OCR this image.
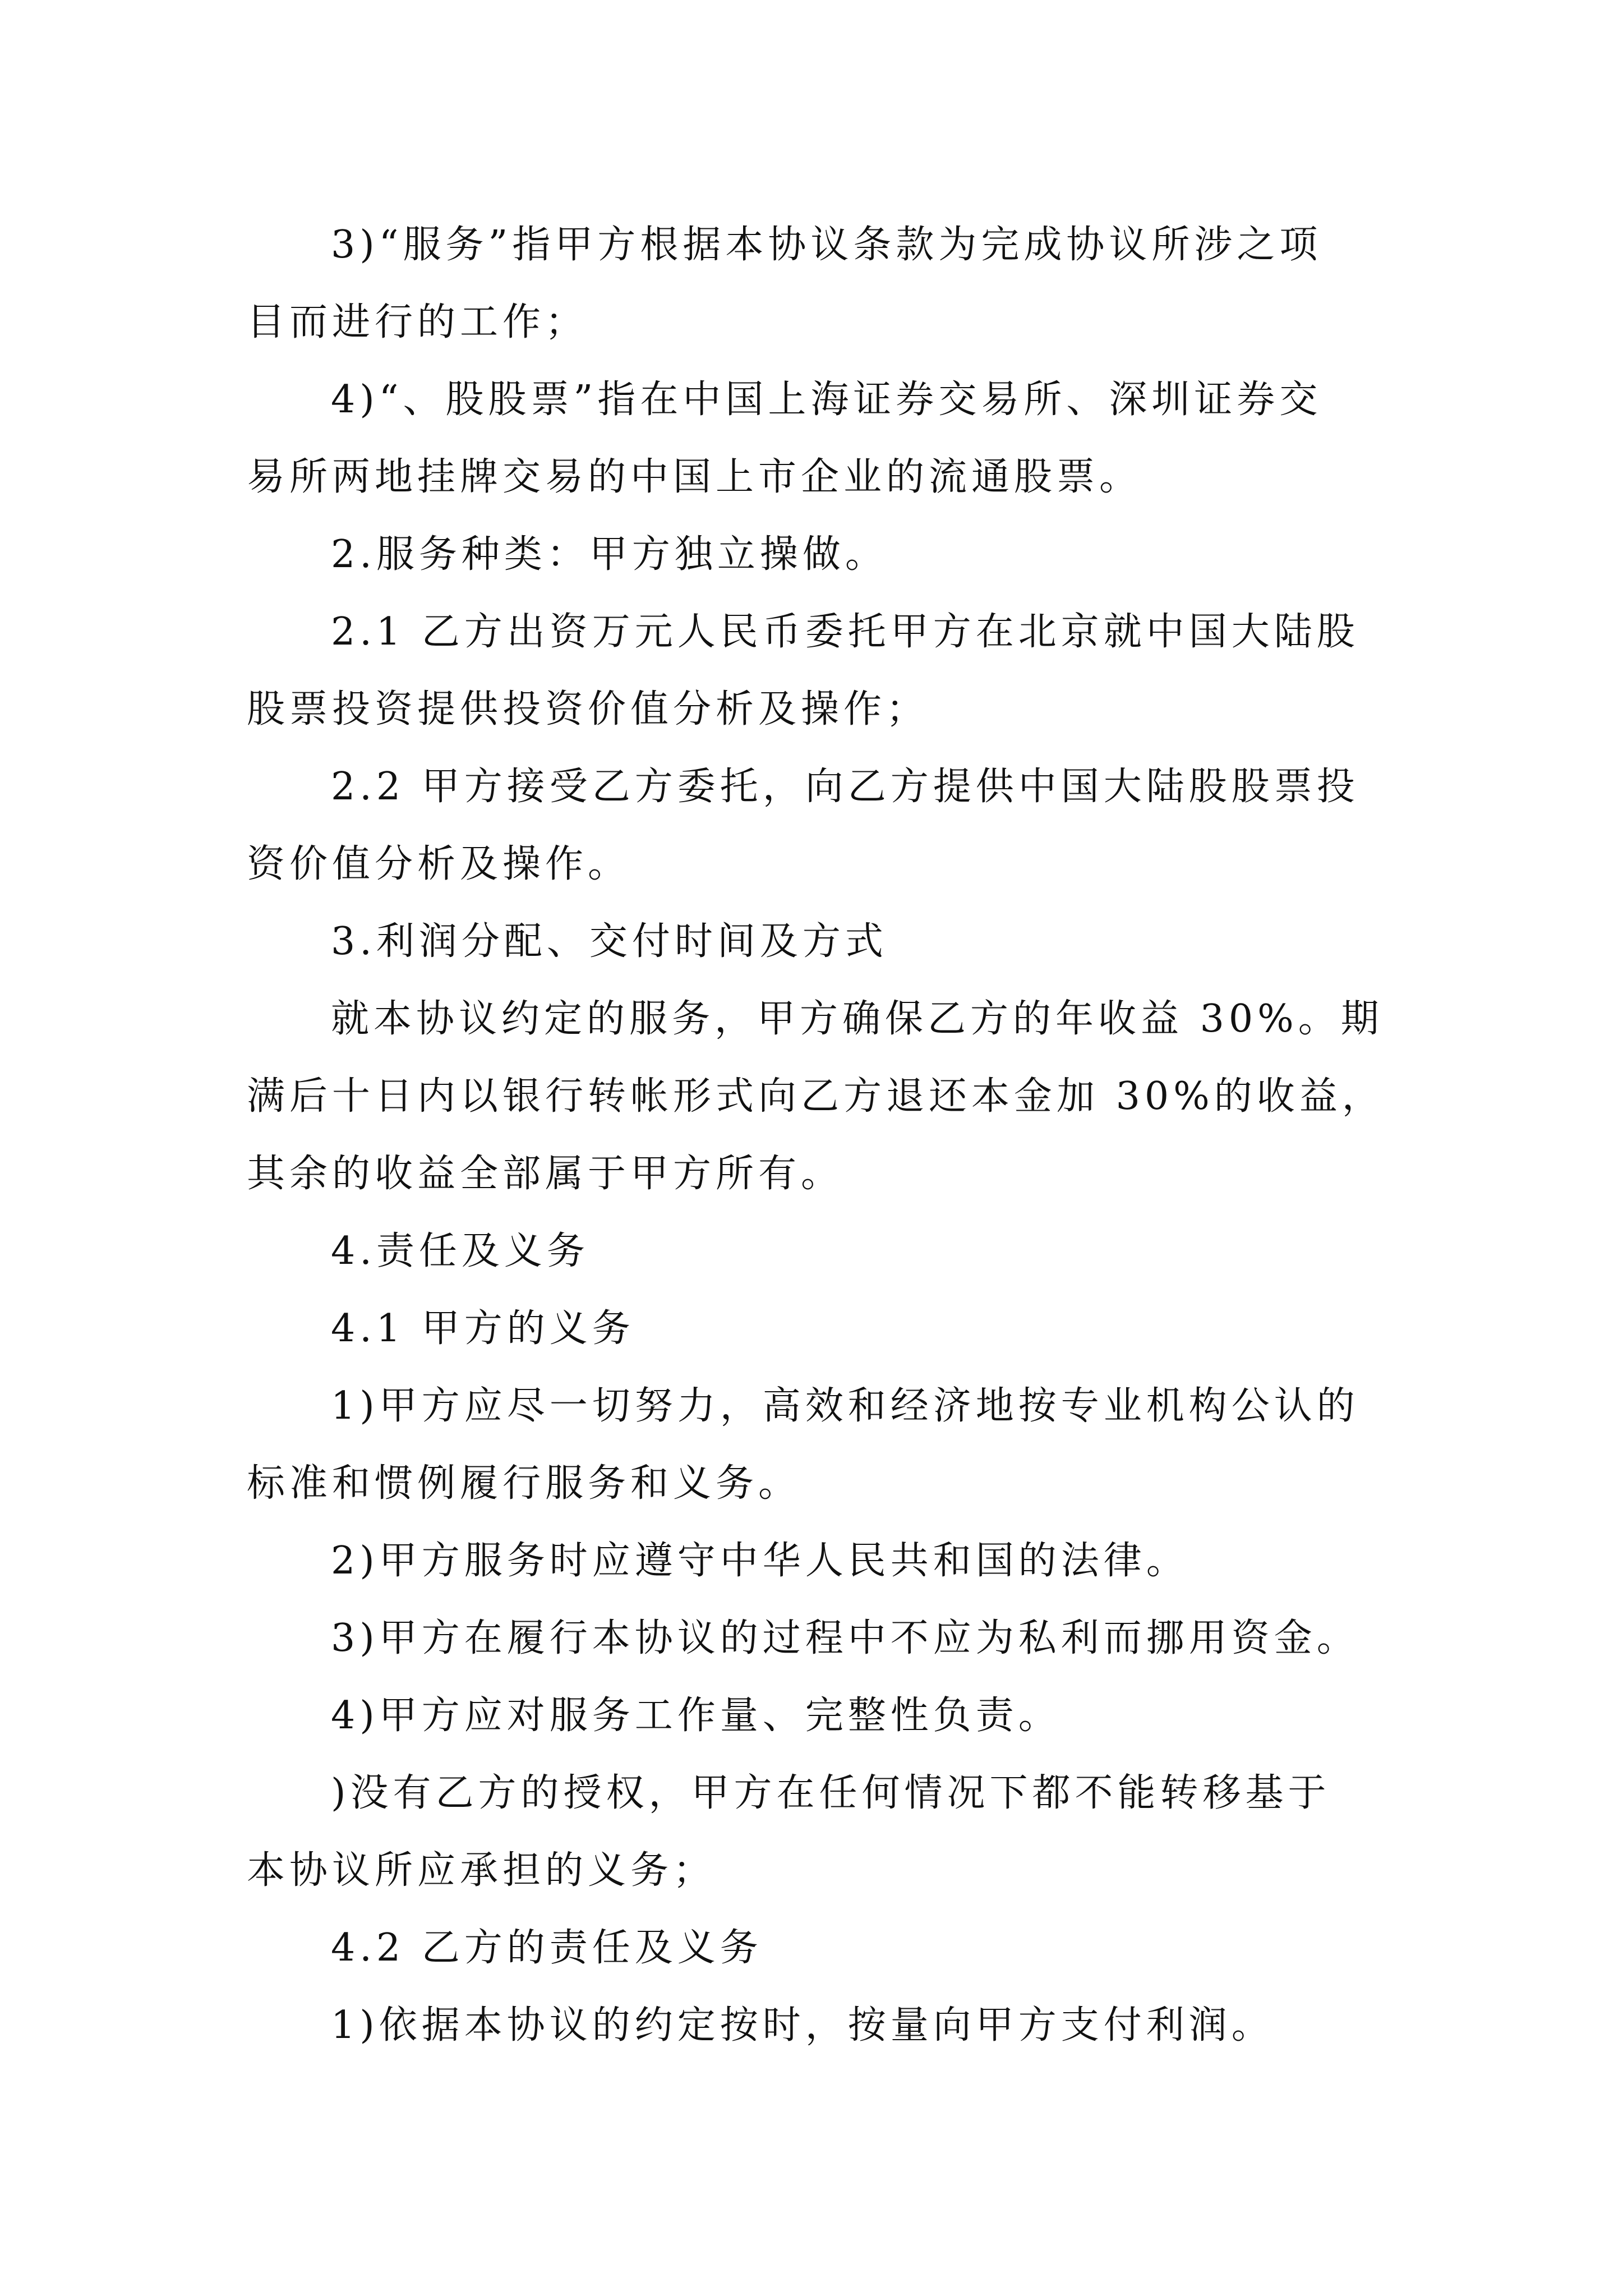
3)“服务”指甲方根据本协议条款为完成协议所涉之项
目而进行的工作；

4)“、股股票”指在中国上海证券交易所、深圳证券交
易所两地挂牌交易的中国上市企业的流通股票。

2.服务种类：甲方独立操做。

2.1 乙方出资万元人民币委托甲方在北京就中国大陆股
股票投资提供投资价值分析及操作；

2.2 甲方接受乙方委托，向乙方提供中国大陆股股票投
资价值分析及操作。

3.利润分配、交付时间及方式

就本协议约定的服务，甲方确保乙方的年收益 30%。期
满后十日内以银行转帐形式向乙方退还本金加 30%的收益，
其余的收益全部属于甲方所有。

4.责任及义务

4.1 甲方的义务

1)甲方应尽一切努力，高效和经济地按专业机构公认的
标准和惯例履行服务和义务。

2)甲方服务时应遵守中华人民共和国的法律。

3)甲方在履行本协议的过程中不应为私利而挪用资金。

4)甲方应对服务工作量、完整性负责。

)没有乙方的授权，甲方在任何情况下都不能转移基于
本协议所应承担的义务；

4.2 乙方的责任及义务

1)依据本协议的约定按时，按量向甲方支付利润。
